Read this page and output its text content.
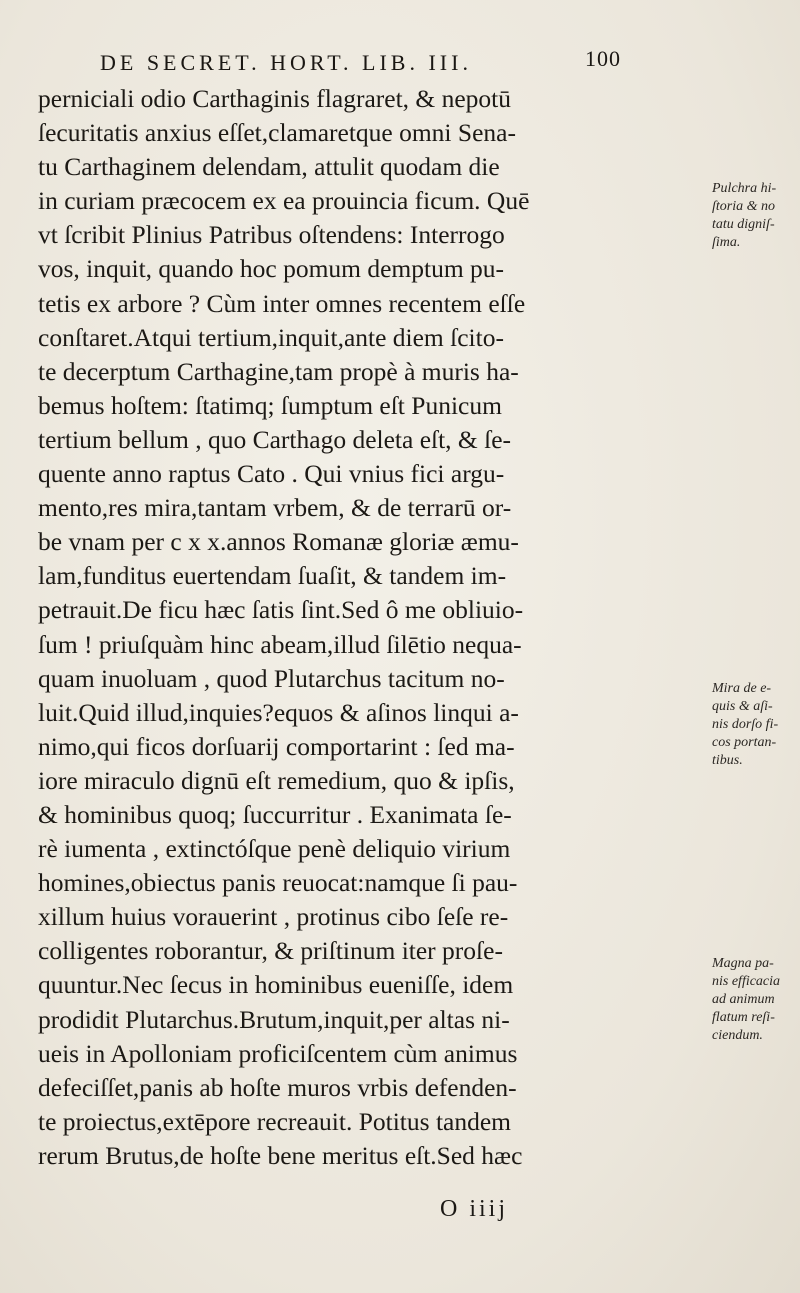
DE SECRET. HORT. LIB. III.	100
perniciali odio Carthaginis flagraret, & nepotū
ſecuritatis anxius eſſet,clamaretque omni Sena-
tu Carthaginem delendam, attulit quodam die
in curiam præcocem ex ea prouincia ficum. Quē
vt ſcribit Plinius Patribus oſtendens: Interrogo
vos, inquit, quando hoc pomum demptum pu-
tetis ex arbore ? Cùm inter omnes recentem eſſe
conſtaret.Atqui tertium,inquit,ante diem ſcito-
te decerptum Carthagine,tam propè à muris ha-
bemus hoſtem: ſtatimq; ſumptum eſt Punicum
tertium bellum , quo Carthago deleta eſt, & ſe-
quente anno raptus Cato . Qui vnius fici argu-
mento,res mira,tantam vrbem, & de terrarū or-
be vnam per c x x.annos Romanæ gloriæ æmu-
lam,funditus euertendam ſuaſit, & tandem im-
petrauit.De ficu hæc ſatis ſint.Sed ô me obliuio-
ſum ! priuſquàm hinc abeam,illud ſilētio nequa-
quam inuoluam , quod Plutarchus tacitum no-
luit.Quid illud,inquies?equos & aſinos linqui a-
nimo,qui ficos dorſuarij comportarint : ſed ma-
iore miraculo dignū eſt remedium, quo & ipſis,
& hominibus quoq; ſuccurritur . Exanimata ſe-
rè iumenta , extinctóſque penè deliquio virium
homines,obiectus panis reuocat:namque ſi pau-
xillum huius vorauerint , protinus cibo ſeſe re-
colligentes roborantur, & priſtinum iter proſe-
quuntur.Nec ſecus in hominibus eueniſſe, idem
prodidit Plutarchus.Brutum,inquit,per altas ni-
ueis in Apolloniam proficiſcentem cùm animus
defeciſſet,panis ab hoſte muros vrbis defenden-
te proiectus,extēpore recreauit. Potitus tandem
rerum Brutus,de hoſte bene meritus eſt.Sed hæc
Pulchra hi-
ſtoria & no
tatu digniſ-
ſima.
Mira de e-
quis & aſi-
nis dorſo fi-
cos portan-
tibus.
Magna pa-
nis efficacia
ad animum
flatum reſi-
ciendum.
O iiij
